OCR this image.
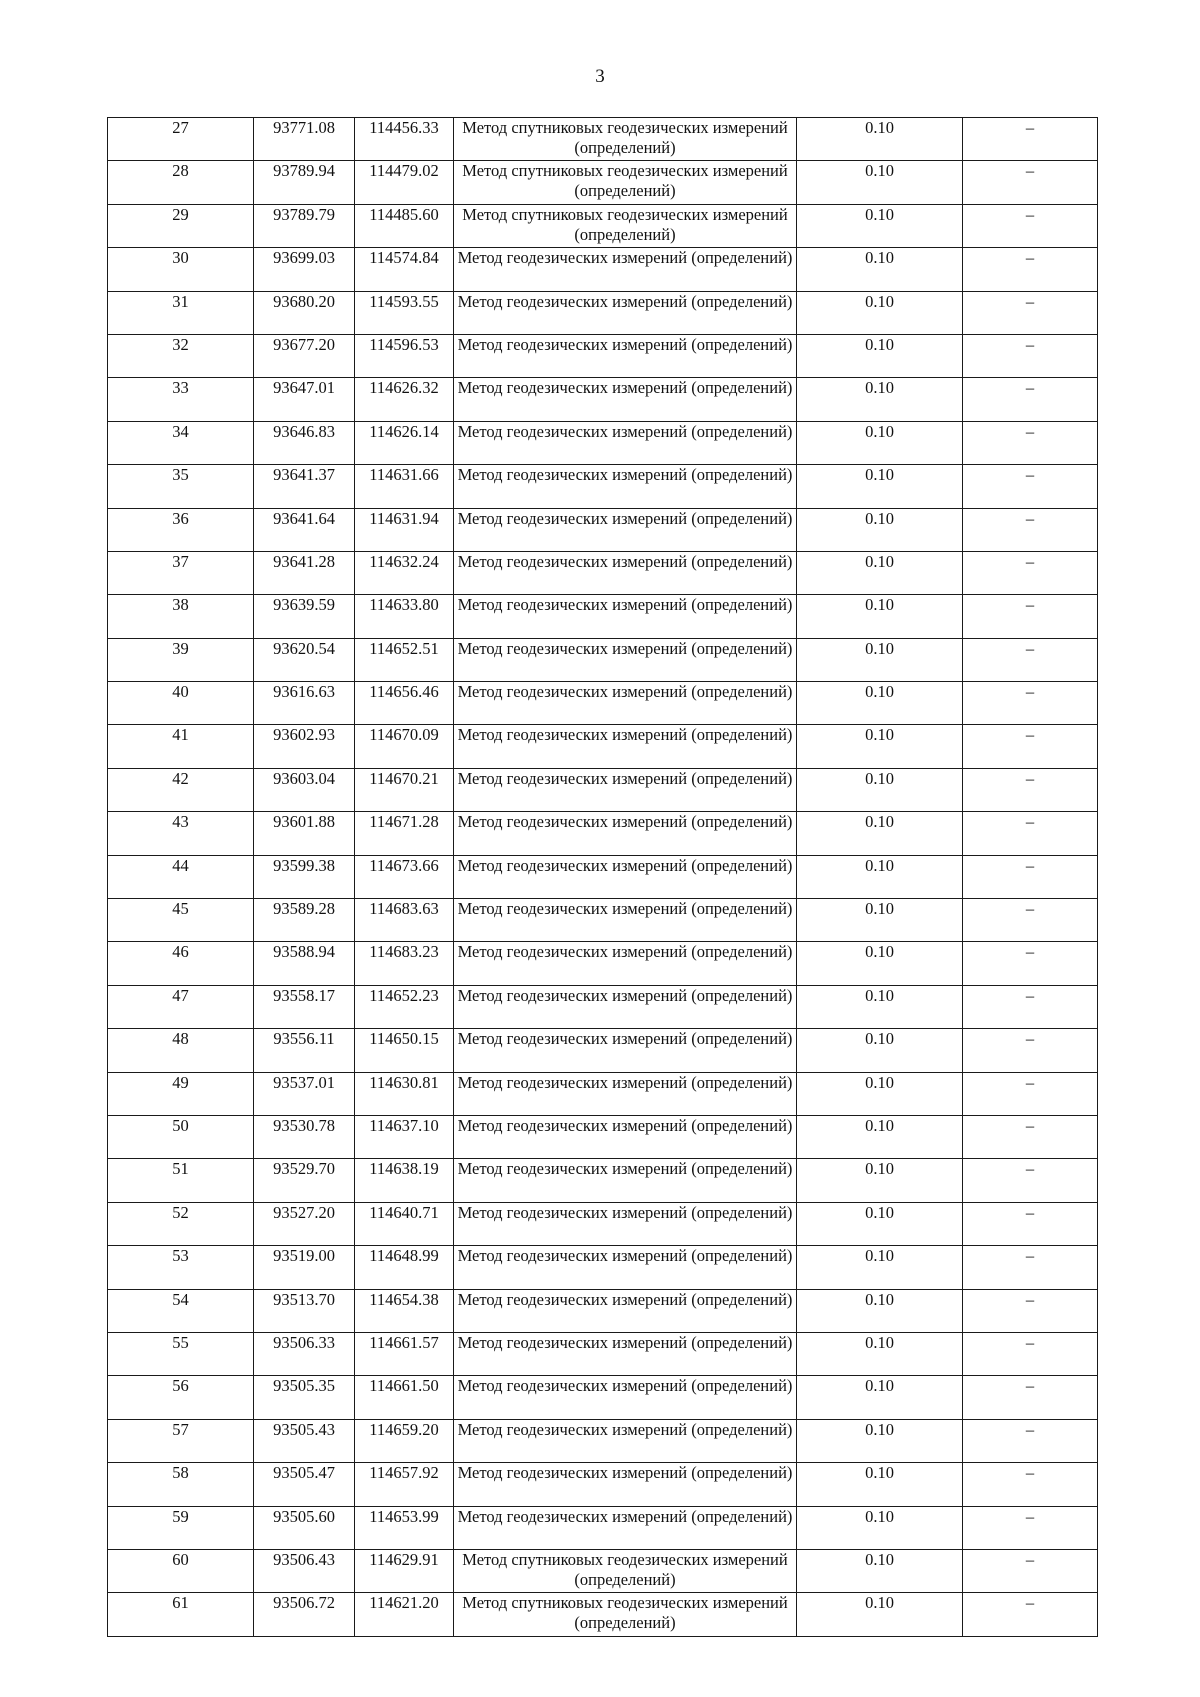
3
27	93771.08	114456.33	Метод спутниковых геодезических измерений (определений)	0.10	–
28	93789.94	114479.02	Метод спутниковых геодезических измерений (определений)	0.10	–
29	93789.79	114485.60	Метод спутниковых геодезических измерений (определений)	0.10	–
30	93699.03	114574.84	Метод геодезических измерений (определений)	0.10	–
31	93680.20	114593.55	Метод геодезических измерений (определений)	0.10	–
32	93677.20	114596.53	Метод геодезических измерений (определений)	0.10	–
33	93647.01	114626.32	Метод геодезических измерений (определений)	0.10	–
34	93646.83	114626.14	Метод геодезических измерений (определений)	0.10	–
35	93641.37	114631.66	Метод геодезических измерений (определений)	0.10	–
36	93641.64	114631.94	Метод геодезических измерений (определений)	0.10	–
37	93641.28	114632.24	Метод геодезических измерений (определений)	0.10	–
38	93639.59	114633.80	Метод геодезических измерений (определений)	0.10	–
39	93620.54	114652.51	Метод геодезических измерений (определений)	0.10	–
40	93616.63	114656.46	Метод геодезических измерений (определений)	0.10	–
41	93602.93	114670.09	Метод геодезических измерений (определений)	0.10	–
42	93603.04	114670.21	Метод геодезических измерений (определений)	0.10	–
43	93601.88	114671.28	Метод геодезических измерений (определений)	0.10	–
44	93599.38	114673.66	Метод геодезических измерений (определений)	0.10	–
45	93589.28	114683.63	Метод геодезических измерений (определений)	0.10	–
46	93588.94	114683.23	Метод геодезических измерений (определений)	0.10	–
47	93558.17	114652.23	Метод геодезических измерений (определений)	0.10	–
48	93556.11	114650.15	Метод геодезических измерений (определений)	0.10	–
49	93537.01	114630.81	Метод геодезических измерений (определений)	0.10	–
50	93530.78	114637.10	Метод геодезических измерений (определений)	0.10	–
51	93529.70	114638.19	Метод геодезических измерений (определений)	0.10	–
52	93527.20	114640.71	Метод геодезических измерений (определений)	0.10	–
53	93519.00	114648.99	Метод геодезических измерений (определений)	0.10	–
54	93513.70	114654.38	Метод геодезических измерений (определений)	0.10	–
55	93506.33	114661.57	Метод геодезических измерений (определений)	0.10	–
56	93505.35	114661.50	Метод геодезических измерений (определений)	0.10	–
57	93505.43	114659.20	Метод геодезических измерений (определений)	0.10	–
58	93505.47	114657.92	Метод геодезических измерений (определений)	0.10	–
59	93505.60	114653.99	Метод геодезических измерений (определений)	0.10	–
60	93506.43	114629.91	Метод спутниковых геодезических измерений (определений)	0.10	–
61	93506.72	114621.20	Метод спутниковых геодезических измерений (определений)	0.10	–
